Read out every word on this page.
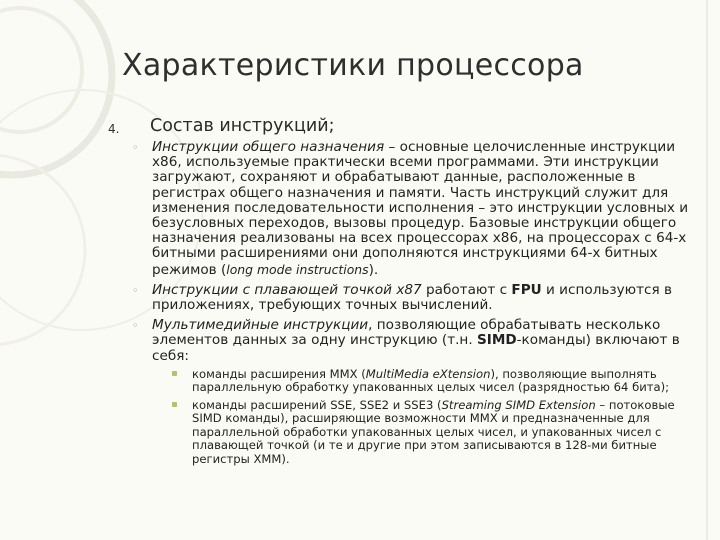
Характеристики процессора
4. Состав инструкций;
◦ Инструкции общего назначения – основные целочисленные инструкции x86, используемые практически всеми программами. Эти инструкции загружают, сохраняют и обрабатывают данные, расположенные в регистрах общего назначения и памяти. Часть инструкций служит для изменения последовательности исполнения – это инструкции условных и безусловных переходов, вызовы процедур. Базовые инструкции общего назначения реализованы на всех процессорах x86, на процессорах с 64-х битными расширениями они дополняются инструкциями 64-х битных режимов (long mode instructions).
◦ Инструкции с плавающей точкой x87 работают с FPU и используются в приложениях, требующих точных вычислений.
◦ Мультимедийные инструкции, позволяющие обрабатывать несколько элементов данных за одну инструкцию (т.н. SIMD-команды) включают в себя:
команды расширения MMX (MultiMedia eXtension), позволяющие выполнять параллельную обработку упакованных целых чисел (разрядностью 64 бита);
команды расширений SSE, SSE2 и SSE3 (Streaming SIMD Extension – потоковые SIMD команды), расширяющие возможности MMX и предназначенные для параллельной обработки упакованных целых чисел, и упакованных чисел с плавающей точкой (и те и другие при этом записываются в 128-ми битные регистры XMM).
